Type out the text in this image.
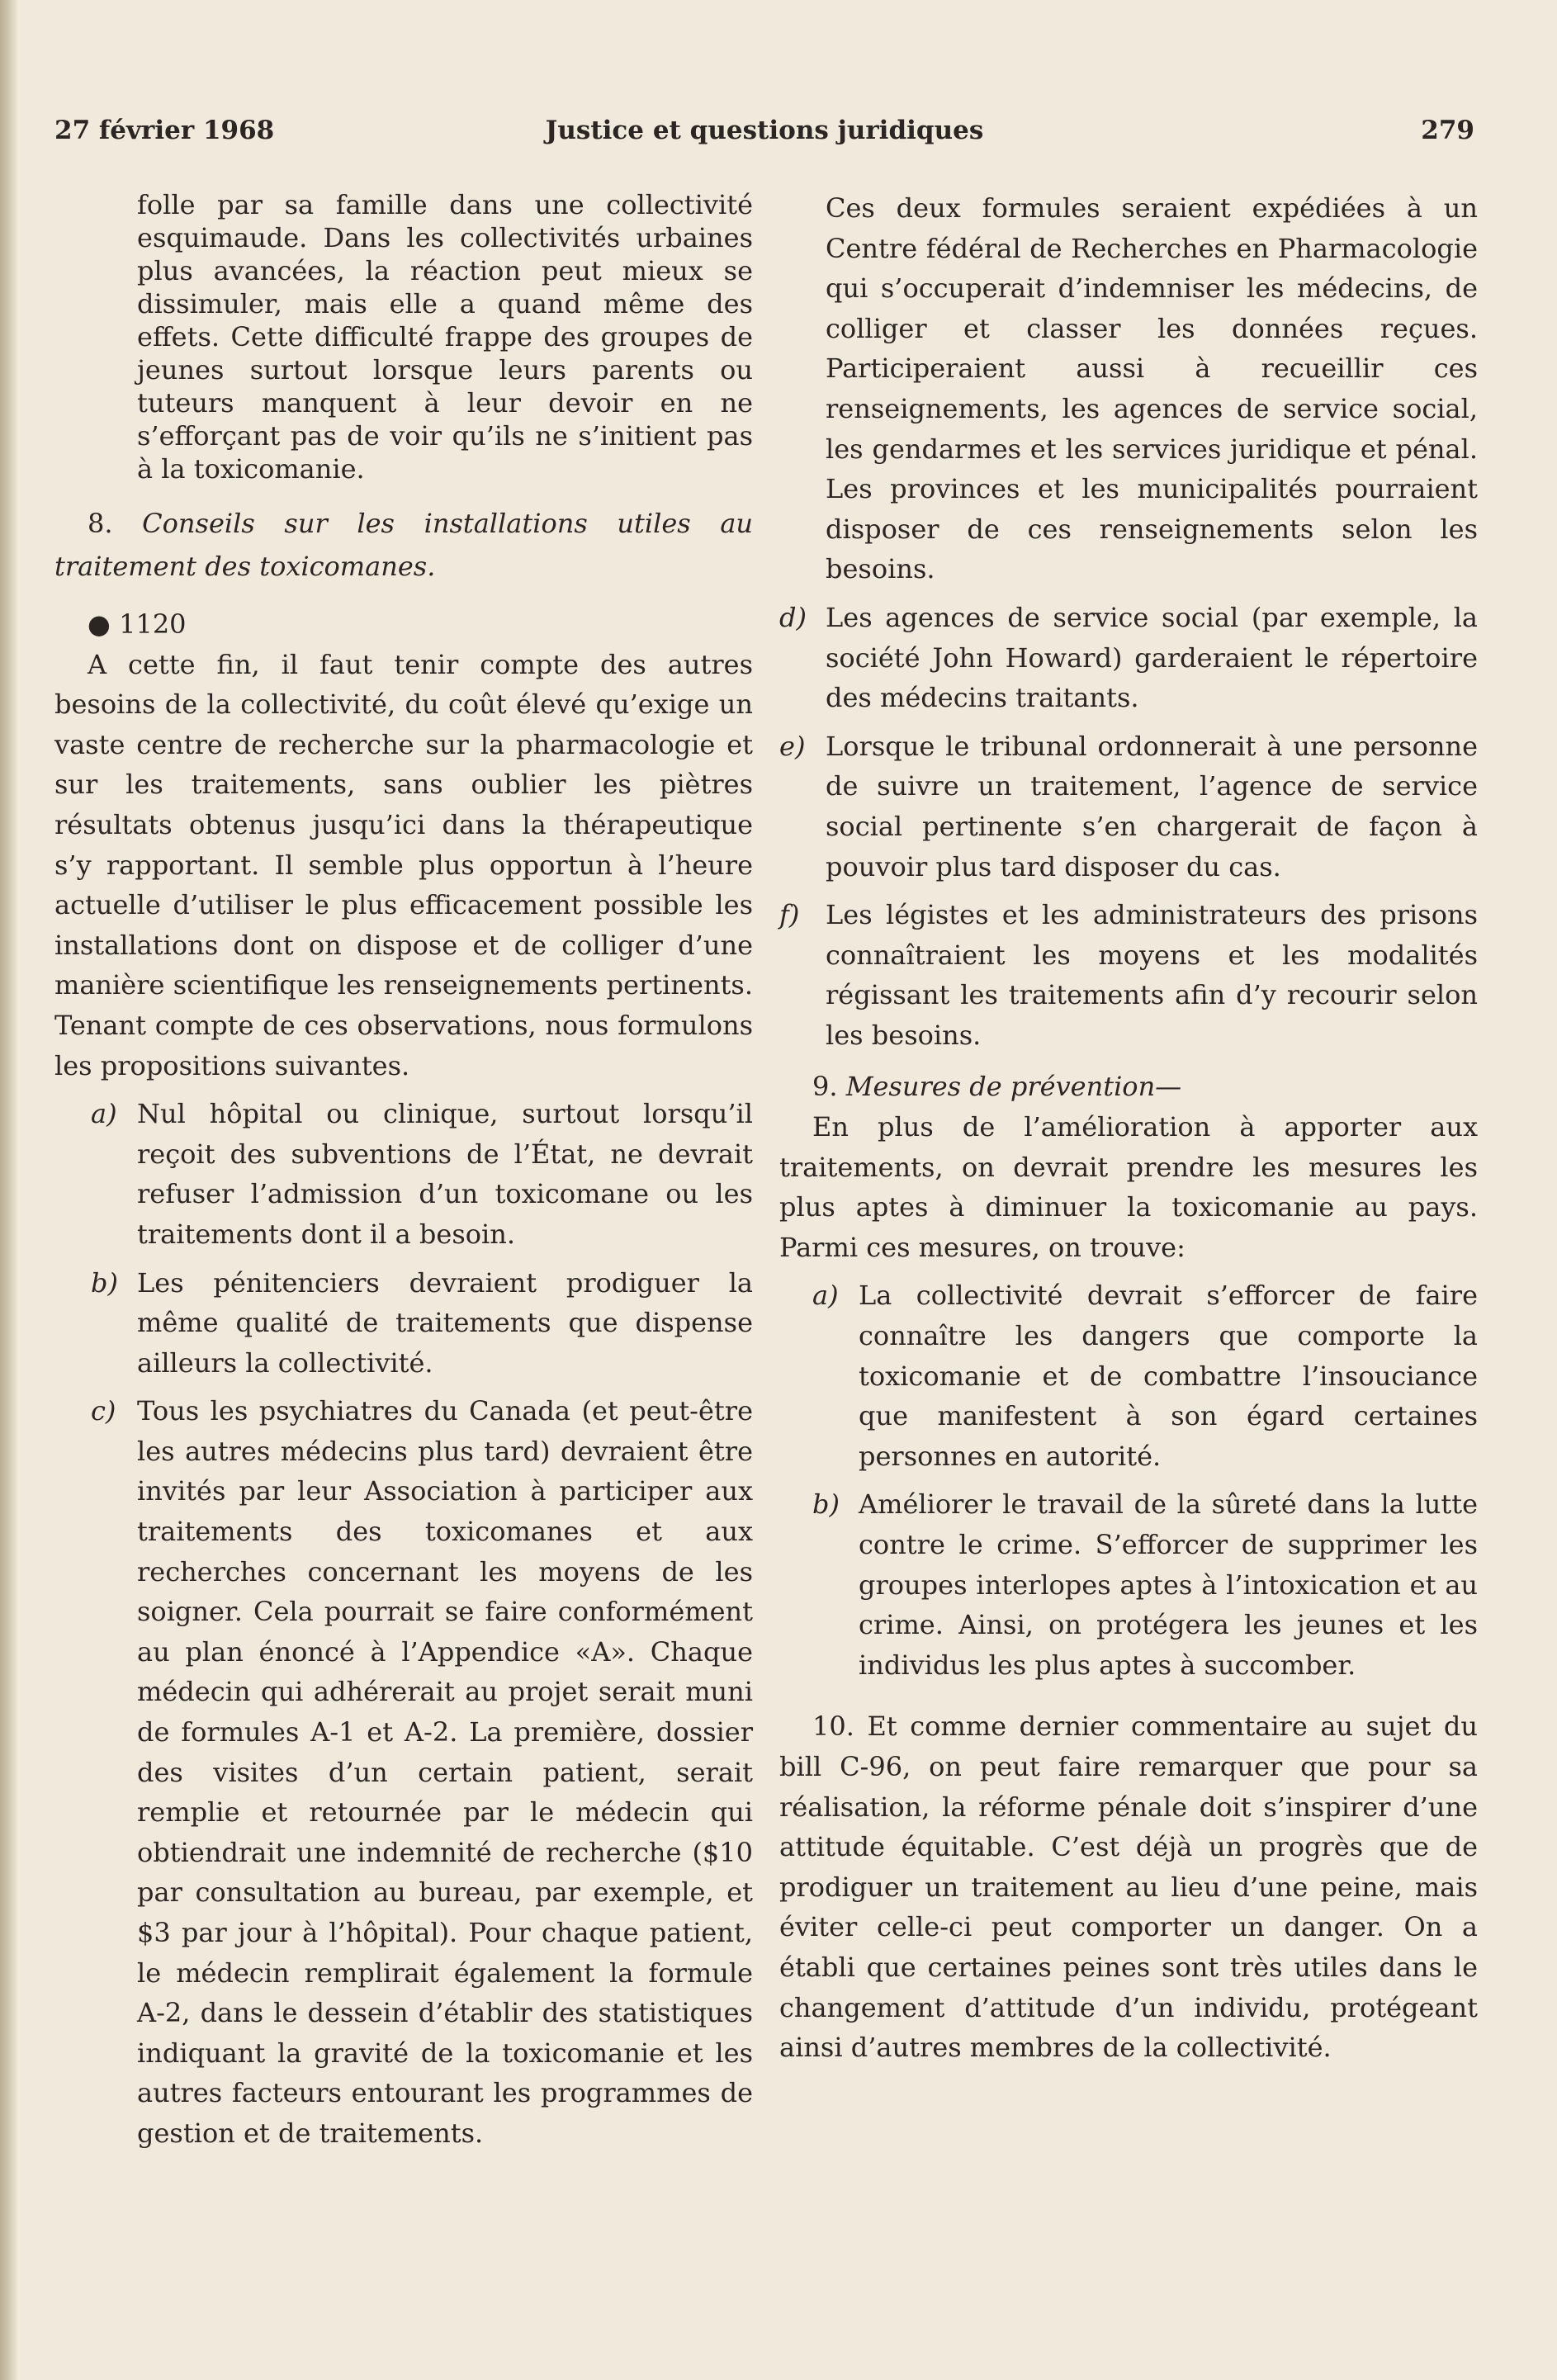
27 février 1968	Justice et questions juridiques	279

folle par sa famille dans une collectivité esquimaude. Dans les collectivités urbaines plus avancées, la réaction peut mieux se dissimuler, mais elle a quand même des effets. Cette difficulté frappe des groupes de jeunes surtout lorsque leurs parents ou tuteurs manquent à leur devoir en ne s’efforçant pas de voir qu’ils ne s’initient pas à la toxicomanie.

8. Conseils sur les installations utiles au traitement des toxicomanes.

● 1120

A cette fin, il faut tenir compte des autres besoins de la collectivité, du coût élevé qu’exige un vaste centre de recherche sur la pharmacologie et sur les traitements, sans oublier les piètres résultats obtenus jusqu’ici dans la thérapeutique s’y rapportant. Il semble plus opportun à l’heure actuelle d’utiliser le plus efficacement possible les installations dont on dispose et de colliger d’une manière scientifique les renseignements pertinents. Tenant compte de ces observations, nous formulons les propositions suivantes.

a) Nul hôpital ou clinique, surtout lorsqu’il reçoit des subventions de l’État, ne devrait refuser l’admission d’un toxicomane ou les traitements dont il a besoin.
b) Les pénitenciers devraient prodiguer la même qualité de traitements que dispense ailleurs la collectivité.
c) Tous les psychiatres du Canada (et peut-être les autres médecins plus tard) devraient être invités par leur Association à participer aux traitements des toxicomanes et aux recherches concernant les moyens de les soigner. Cela pourrait se faire conformément au plan énoncé à l’Appendice «A». Chaque médecin qui adhérerait au projet serait muni de formules A-1 et A-2. La première, dossier des visites d’un certain patient, serait remplie et retournée par le médecin qui obtiendrait une indemnité de recherche ($10 par consultation au bureau, par exemple, et $3 par jour à l’hôpital). Pour chaque patient, le médecin remplirait également la formule A-2, dans le dessein d’établir des statistiques indiquant la gravité de la toxicomanie et les autres facteurs entourant les programmes de gestion et de traitements.

Ces deux formules seraient expédiées à un Centre fédéral de Recherches en Pharmacologie qui s’occuperait d’indemniser les médecins, de colliger et classer les données reçues. Participeraient aussi à recueillir ces renseignements, les agences de service social, les gendarmes et les services juridique et pénal. Les provinces et les municipalités pourraient disposer de ces renseignements selon les besoins.

d) Les agences de service social (par exemple, la société John Howard) garderaient le répertoire des médecins traitants.
e) Lorsque le tribunal ordonnerait à une personne de suivre un traitement, l’agence de service social pertinente s’en chargerait de façon à pouvoir plus tard disposer du cas.
f) Les légistes et les administrateurs des prisons connaîtraient les moyens et les modalités régissant les traitements afin d’y recourir selon les besoins.

9. Mesures de prévention—

En plus de l’amélioration à apporter aux traitements, on devrait prendre les mesures les plus aptes à diminuer la toxicomanie au pays. Parmi ces mesures, on trouve:

a) La collectivité devrait s’efforcer de faire connaître les dangers que comporte la toxicomanie et de combattre l’insouciance que manifestent à son égard certaines personnes en autorité.
b) Améliorer le travail de la sûreté dans la lutte contre le crime. S’efforcer de supprimer les groupes interlopes aptes à l’intoxication et au crime. Ainsi, on protégera les jeunes et les individus les plus aptes à succomber.

10. Et comme dernier commentaire au sujet du bill C-96, on peut faire remarquer que pour sa réalisation, la réforme pénale doit s’inspirer d’une attitude équitable. C’est déjà un progrès que de prodiguer un traitement au lieu d’une peine, mais éviter celle-ci peut comporter un danger. On a établi que certaines peines sont très utiles dans le changement d’attitude d’un individu, protégeant ainsi d’autres membres de la collectivité.
